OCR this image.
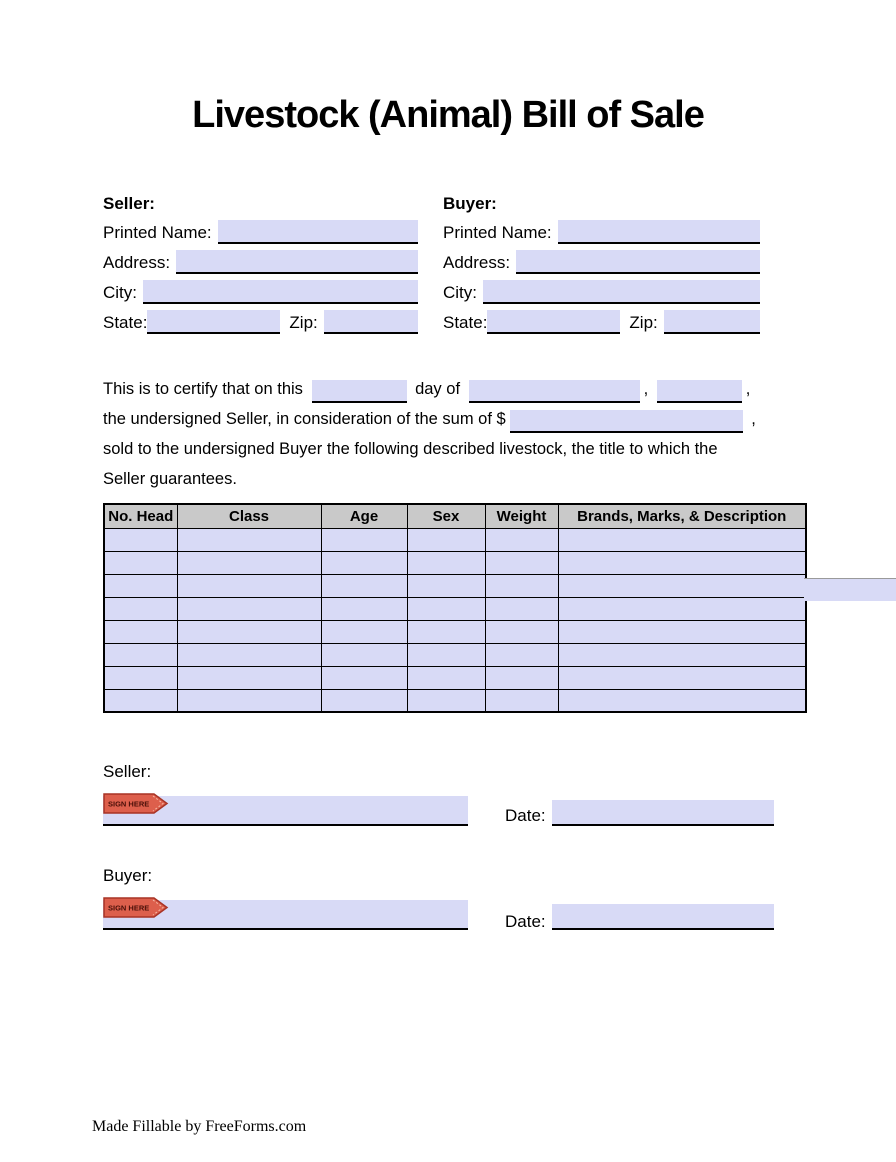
Livestock (Animal) Bill of Sale
Seller:
Printed Name:
Address:
City:
State:	Zip:
Buyer:
Printed Name:
Address:
City:
State:	Zip:
This is to certify that on this	day of	,	,
the undersigned Seller, in consideration of the sum of $	,
sold to the undersigned Buyer the following described livestock, the title to which the
Seller guarantees.
No. Head	Class	Age	Sex	Weight	Brands, Marks, & Description

Seller:
SIGN HERE
Date:
Buyer:
SIGN HERE
Date:
Made Fillable by FreeForms.com
